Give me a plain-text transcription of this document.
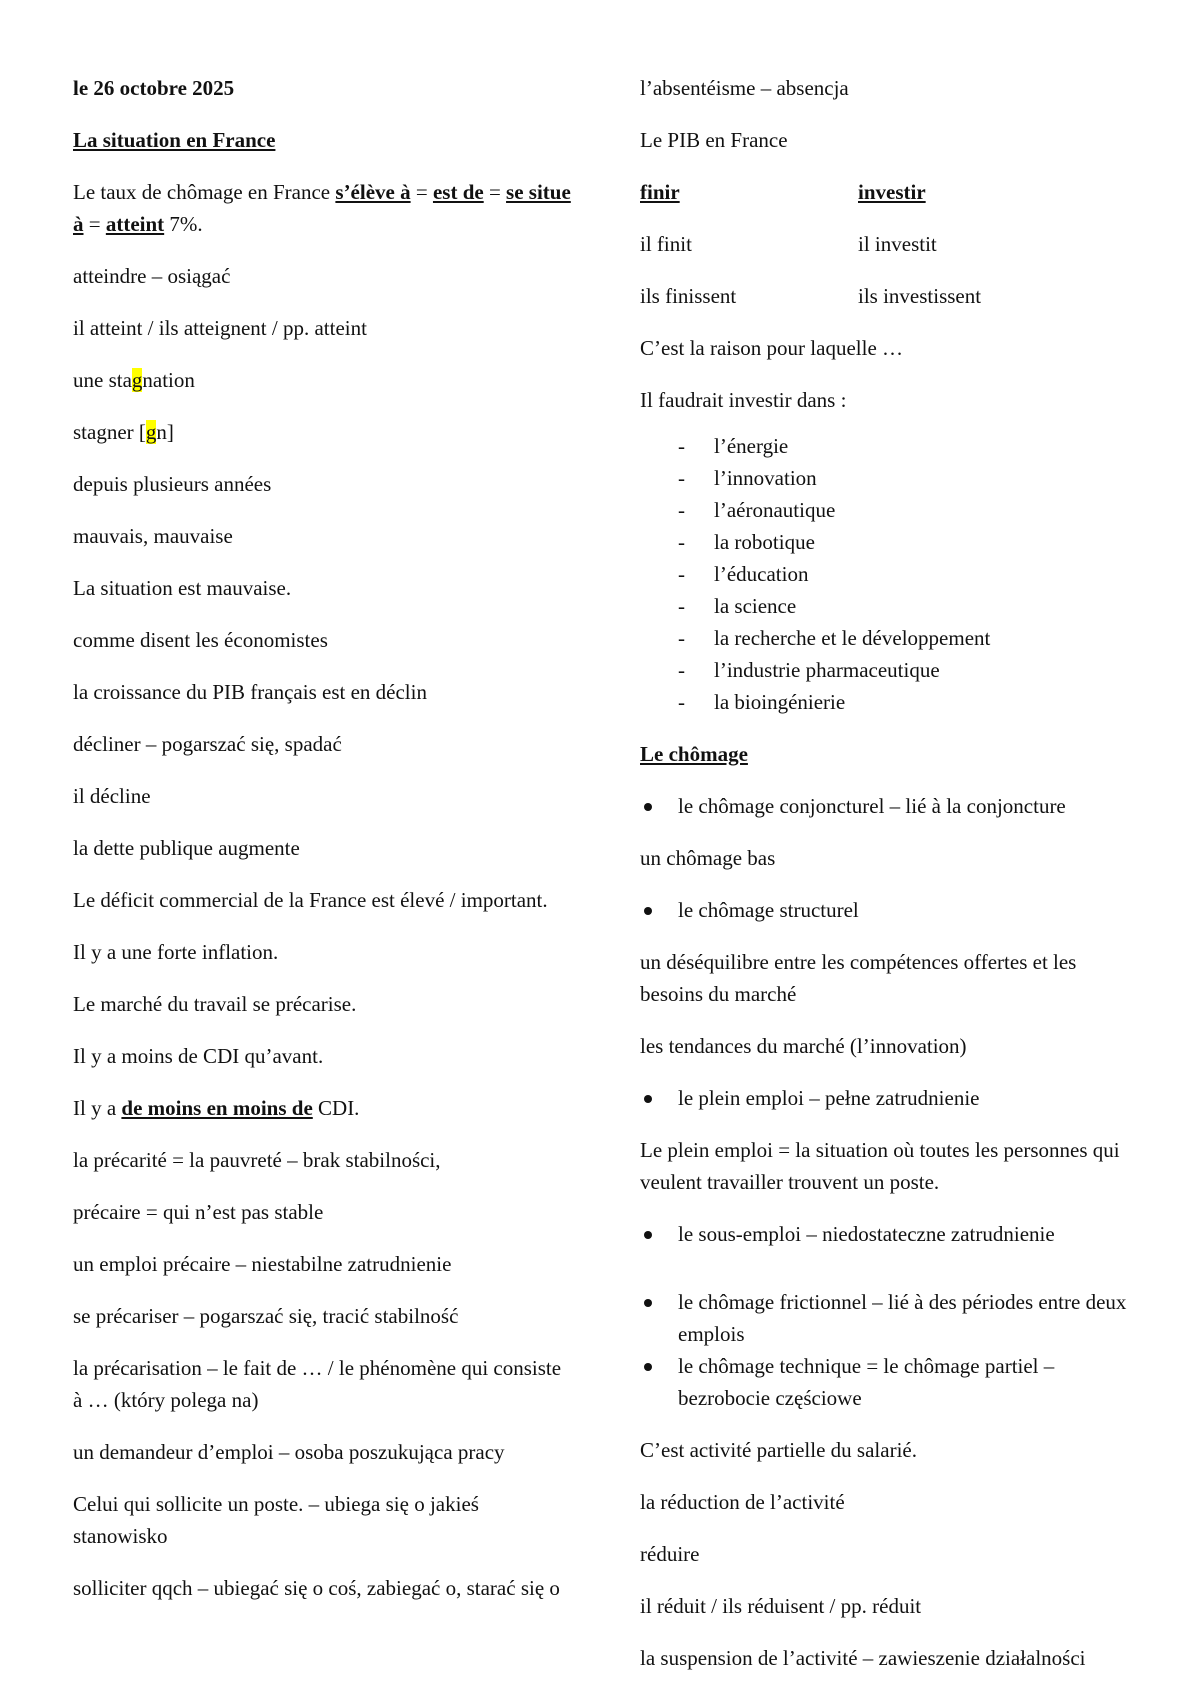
le 26 octobre 2025

La situation en France

Le taux de chômage en France s’élève à = est de = se situe à = atteint 7%.

atteindre – osiągać

il atteint / ils atteignent / pp. atteint

une stagnation

stagner [gn]

depuis plusieurs années

mauvais, mauvaise

La situation est mauvaise.

comme disent les économistes

la croissance du PIB français est en déclin

décliner – pogarszać się, spadać

il décline

la dette publique augmente

Le déficit commercial de la France est élevé / important.

Il y a une forte inflation.

Le marché du travail se précarise.

Il y a moins de CDI qu’avant.

Il y a de moins en moins de CDI.

la précarité = la pauvreté – brak stabilności,

précaire = qui n’est pas stable

un emploi précaire – niestabilne zatrudnienie

se précariser – pogarszać się, tracić stabilność

la précarisation – le fait de … / le phénomène qui consiste à … (który polega na)

un demandeur d’emploi – osoba poszukująca pracy

Celui qui sollicite un poste. – ubiega się o jakieś stanowisko

solliciter qqch – ubiegać się o coś, zabiegać o, starać się o

l’absentéisme – absencja

Le PIB en France

finir	investir
il finit	il investit
ils finissent	ils investissent

C’est la raison pour laquelle …

Il faudrait investir dans :

- l’énergie
- l’innovation
- l’aéronautique
- la robotique
- l’éducation
- la science
- la recherche et le développement
- l’industrie pharmaceutique
- la bioingénierie

Le chômage

le chômage conjoncturel – lié à la conjoncture

un chômage bas

le chômage structurel

un déséquilibre entre les compétences offertes et les besoins du marché

les tendances du marché (l’innovation)

le plein emploi – pełne zatrudnienie

Le plein emploi = la situation où toutes les personnes qui veulent travailler trouvent un poste.

le sous-emploi – niedostateczne zatrudnienie
le chômage frictionnel – lié à des périodes entre deux emplois
le chômage technique = le chômage partiel – bezrobocie częściowe

C’est activité partielle du salarié.

la réduction de l’activité

réduire

il réduit / ils réduisent / pp. réduit

la suspension de l’activité – zawieszenie działalności
